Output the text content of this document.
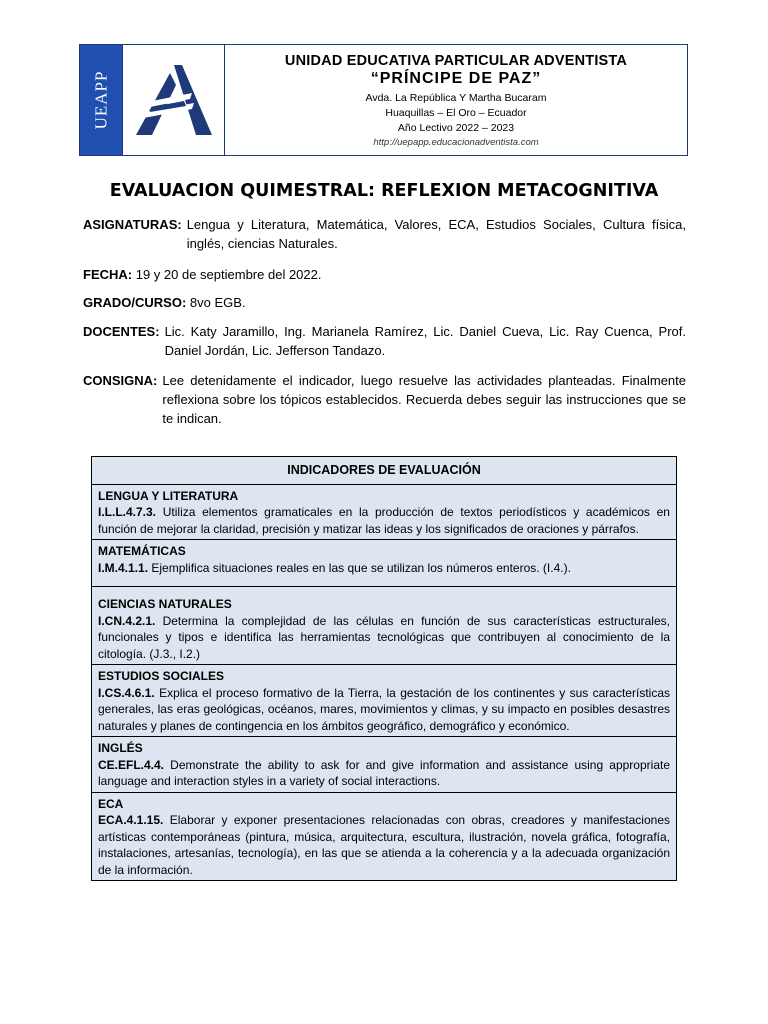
UEAPP
UNIDAD EDUCATIVA PARTICULAR ADVENTISTA
“PRÍNCIPE DE PAZ”
Avda. La República Y Martha Bucaram
Huaquillas – El Oro – Ecuador
Año Lectivo 2022 – 2023
http://uepapp.educacionadventista.com
EVALUACION QUIMESTRAL: REFLEXION METACOGNITIVA
ASIGNATURAS: Lengua y Literatura, Matemática, Valores, ECA, Estudios Sociales, Cultura física, inglés, ciencias Naturales.
FECHA: 19 y 20 de septiembre del 2022.
GRADO/CURSO: 8vo EGB.
DOCENTES: Lic. Katy Jaramillo, Ing. Marianela Ramírez, Lic. Daniel Cueva, Lic. Ray Cuenca, Prof. Daniel Jordán, Lic. Jefferson Tandazo.
CONSIGNA: Lee detenidamente el indicador, luego resuelve las actividades planteadas. Finalmente reflexiona sobre los tópicos establecidos. Recuerda debes seguir las instrucciones que se te indican.
INDICADORES DE EVALUACIÓN

LENGUA Y LITERATURA
I.L.L.4.7.3. Utiliza elementos gramaticales en la producción de textos periodísticos y académicos en función de mejorar la claridad, precisión y matizar las ideas y los significados de oraciones y párrafos.

MATEMÁTICAS
I.M.4.1.1. Ejemplifica situaciones reales en las que se utilizan los números enteros. (I.4.).

CIENCIAS NATURALES
I.CN.4.2.1. Determina la complejidad de las células en función de sus características estructurales, funcionales y tipos e identifica las herramientas tecnológicas que contribuyen al conocimiento de la citología. (J.3., I.2.)

ESTUDIOS SOCIALES
I.CS.4.6.1. Explica el proceso formativo de la Tierra, la gestación de los continentes y sus características generales, las eras geológicas, océanos, mares, movimientos y climas, y su impacto en posibles desastres naturales y planes de contingencia en los ámbitos geográfico, demográfico y económico.

INGLÉS
CE.EFL.4.4. Demonstrate the ability to ask for and give information and assistance using appropriate language and interaction styles in a variety of social interactions.

ECA
ECA.4.1.15. Elaborar y exponer presentaciones relacionadas con obras, creadores y manifestaciones artísticas contemporáneas (pintura, música, arquitectura, escultura, ilustración, novela gráfica, fotografía, instalaciones, artesanías, tecnología), en las que se atienda a la coherencia y a la adecuada organización de la información.
